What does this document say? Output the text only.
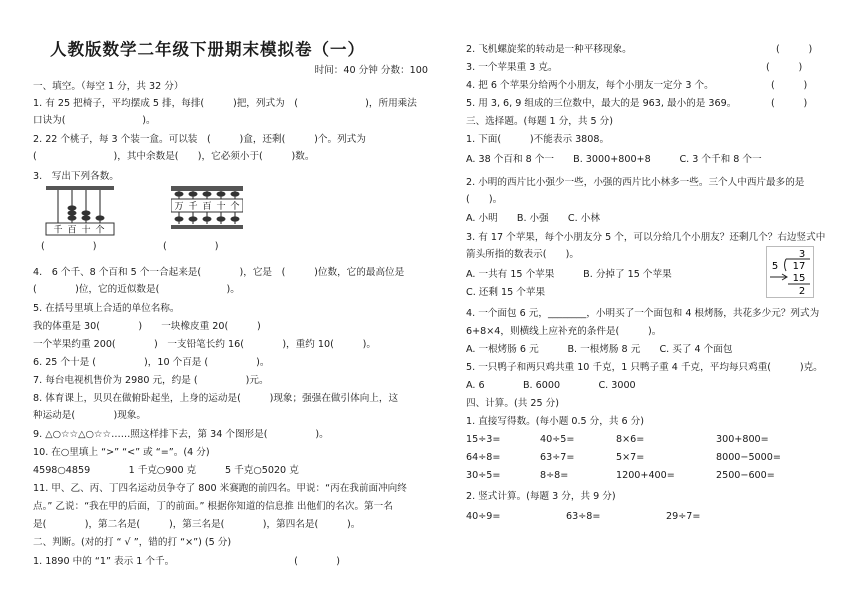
人教版数学二年级下册期末模拟卷（一）
时间：40 分钟 分数：100
一、填空。（每空 1 分，共 32 分）
1. 有 25 把椅子，平均摆成 5 排，每排(　　　)把，列式为　(　　　　　　　)，所用乘法
口诀为(　　　　　　　　)。
2. 22 个桃子，每 3 个装一盒。可以装　(　　　)盒，还剩(　　　)个。列式为
(　　　　　　　　)，其中余数是(　　)，它必须小于(　　　)数。
3.　写出下列各数。
千 百 十 个
(　　　　　)
万 千 百 十 个
(　　　　　)
4.　6 个千、8 个百和 5 个一合起来是(　　　　)，它是　(　　　)位数，它的最高位是
(　　　　)位，它的近似数是(　　　　　　　)。
5. 在括号里填上合适的单位名称。
我的体重是 30(　　　　)　　一块橡皮重 20(　　　)
一个苹果约重 200(　　　　)　一支铅笔长约 16(　　　　)，重约 10(　　　)。
6. 25 个十是 (　　　　　)，10 个百是 (　　　　　)。
7. 每台电视机售价为 2980 元，约是 (　　　　　)元。
8. 体育课上，贝贝在做俯卧起坐，上身的运动是(　　　)现象；强强在做引体向上，这
种运动是(　　　　)现象。
9. △○☆☆△○☆☆……照这样排下去，第 34 个图形是(　　　　　)。
10. 在○里填上 “>” “<” 或 “=”。(4 分)
4598○4859　　　　1 千克○900 克　　　5 千克○5020 克
11. 甲、乙、丙、丁四名运动员争夺了 800 米赛跑的前四名。甲说：“丙在我前面冲向终
点。” 乙说：“我在甲的后面，丁的前面。” 根据你知道的信息推 出他们的名次。第一名
是(　　　　)，第二名是(　　　)，第三名是(　　　　)，第四名是(　　　)。
二、判断。(对的打 “ √ ”，错的打 “×”) (5 分)
1. 1890 中的 “1” 表示 1 个千。　　　　　　　　　　　　　(　　　　)
2. 飞机螺旋桨的转动是一种平移现象。	(　　　)
3. 一个苹果重 3 克。	(　　　)
4. 把 6 个苹果分给两个小朋友，每个小朋友一定分 3 个。	(　　　)
5. 用 3, 6, 9 组成的三位数中，最大的是 963, 最小的是 369。	(　　　)
三、选择题。(每题 1 分，共 5 分)
1. 下面(　　　)不能表示 3808。
A. 38 个百和 8 个一　　B. 3000+800+8　　　C. 3 个千和 8 个一
2. 小明的西片比小强少一些，小强的西片比小林多一些。三个人中西片最多的是
(　　)。
A. 小明　　B. 小强　　C. 小林
3. 有 17 个苹果，每个小朋友分 5 个，可以分给几个小朋友？还剩几个？右边竖式中
箭头所指的数表示(　　)。	3
5 17
15
2
A. 一共有 15 个苹果　　　B. 分掉了 15 个苹果
C. 还剩 15 个苹果
4. 一个面包 6 元，________，小明买了一个面包和 4 根烤肠，共花多少元？列式为
6+8×4，则横线上应补充的条件是(　　　)。
A. 一根烤肠 6 元　　　B. 一根烤肠 8 元　　C. 买了 4 个面包
5. 一只鸭子和两只鸡共重 10 千克，1 只鸭子重 4 千克，平均每只鸡重(　　　)克。
A. 6　　　　B. 6000　　　　C. 3000
四、计算。(共 25 分)
1. 直接写得数。(每小题 0.5 分，共 6 分)
15÷3=	40÷5=	8×6=	300+800=
64÷8=	63÷7=	5×7=	8000−5000=
30÷5=	8÷8=	1200+400=	2500−600=
2. 竖式计算。(每题 3 分，共 9 分)
40÷9=	63÷8=	29÷7=
